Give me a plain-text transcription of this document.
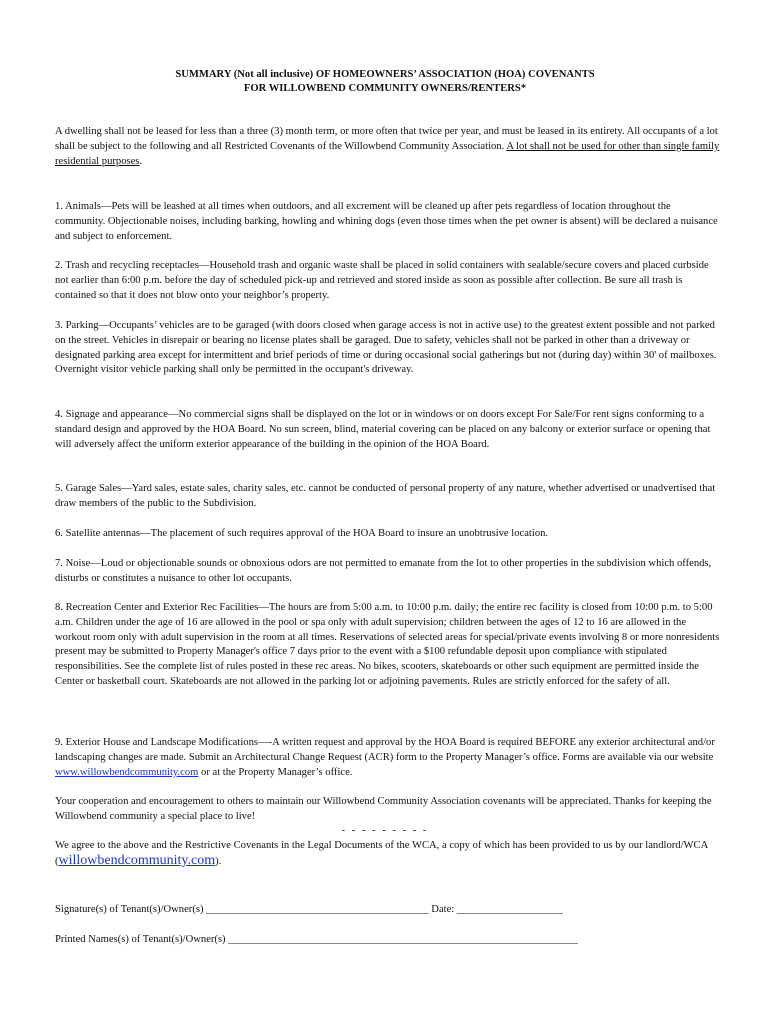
SUMMARY (Not all inclusive) OF HOMEOWNERS’ ASSOCIATION (HOA) COVENANTS
FOR WILLOWBEND COMMUNITY OWNERS/RENTERS*

A dwelling shall not be leased for less than a three (3) month term, or more often that twice per year, and must be leased in its entirety. All occupants of a lot shall be subject to the following and all Restricted Covenants of the Willowbend Community Association. A lot shall not be used for other than single family residential purposes.

1. Animals—Pets will be leashed at all times when outdoors, and all excrement will be cleaned up after pets regardless of location throughout the community. Objectionable noises, including barking, howling and whining dogs (even those times when the pet owner is absent) will be declared a nuisance and subject to enforcement.

2. Trash and recycling receptacles—Household trash and organic waste shall be placed in solid containers with sealable/secure covers and placed curbside not earlier than 6:00 p.m. before the day of scheduled pick-up and retrieved and stored inside as soon as possible after collection. Be sure all trash is contained so that it does not blow onto your neighbor’s property.

3. Parking—Occupants’ vehicles are to be garaged (with doors closed when garage access is not in active use) to the greatest extent possible and not parked on the street. Vehicles in disrepair or bearing no license plates shall be garaged. Due to safety, vehicles shall not be parked in other than a driveway or designated parking area except for intermittent and brief periods of time or during occasional social gatherings but not (during day) within 30' of mailboxes. Overnight visitor vehicle parking shall only be permitted in the occupant's driveway.

4. Signage and appearance—No commercial signs shall be displayed on the lot or in windows or on doors except For Sale/For rent signs conforming to a standard design and approved by the HOA Board. No sun screen, blind, material covering can be placed on any balcony or exterior surface or opening that will adversely affect the uniform exterior appearance of the building in the opinion of the HOA Board.

5. Garage Sales—Yard sales, estate sales, charity sales, etc. cannot be conducted of personal property of any nature, whether advertised or unadvertised that draw members of the public to the Subdivision.

6. Satellite antennas—The placement of such requires approval of the HOA Board to insure an unobtrusive location.

7. Noise—Loud or objectionable sounds or obnoxious odors are not permitted to emanate from the lot to other properties in the subdivision which offends, disturbs or constitutes a nuisance to other lot occupants.

8. Recreation Center and Exterior Rec Facilities—The hours are from 5:00 a.m. to 10:00 p.m. daily; the entire rec facility is closed from 10:00 p.m. to 5:00 a.m. Children under the age of 16 are allowed in the pool or spa only with adult supervision; children between the ages of 12 to 16 are allowed in the workout room only with adult supervision in the room at all times. Reservations of selected areas for special/private events involving 8 or more nonresidents present may be submitted to Property Manager's office 7 days prior to the event with a $100 refundable deposit upon compliance with stipulated responsibilities. See the complete list of rules posted in these rec areas. No bikes, scooters, skateboards or other such equipment are permitted inside the Center or basketball court. Skateboards are not allowed in the parking lot or adjoining pavements. Rules are strictly enforced for the safety of all.

9. Exterior House and Landscape Modifications—-A written request and approval by the HOA Board is required BEFORE any exterior architectural and/or landscaping changes are made. Submit an Architectural Change Request (ACR) form to the Property Manager’s office. Forms are available via our website www.willowbendcommunity.com or at the Property Manager’s office.

Your cooperation and encouragement to others to maintain our Willowbend Community Association covenants will be appreciated. Thanks for keeping the Willowbend community a special place to live!

- - - - - - - - -

We agree to the above and the Restrictive Covenants in the Legal Documents of the WCA, a copy of which has been provided to us by our landlord/WCA (willowbendcommunity.com).

Signature(s) of Tenant(s)/Owner(s) __________________________________________ Date: ____________________

Printed Names(s) of Tenant(s)/Owner(s) __________________________________________________________________
